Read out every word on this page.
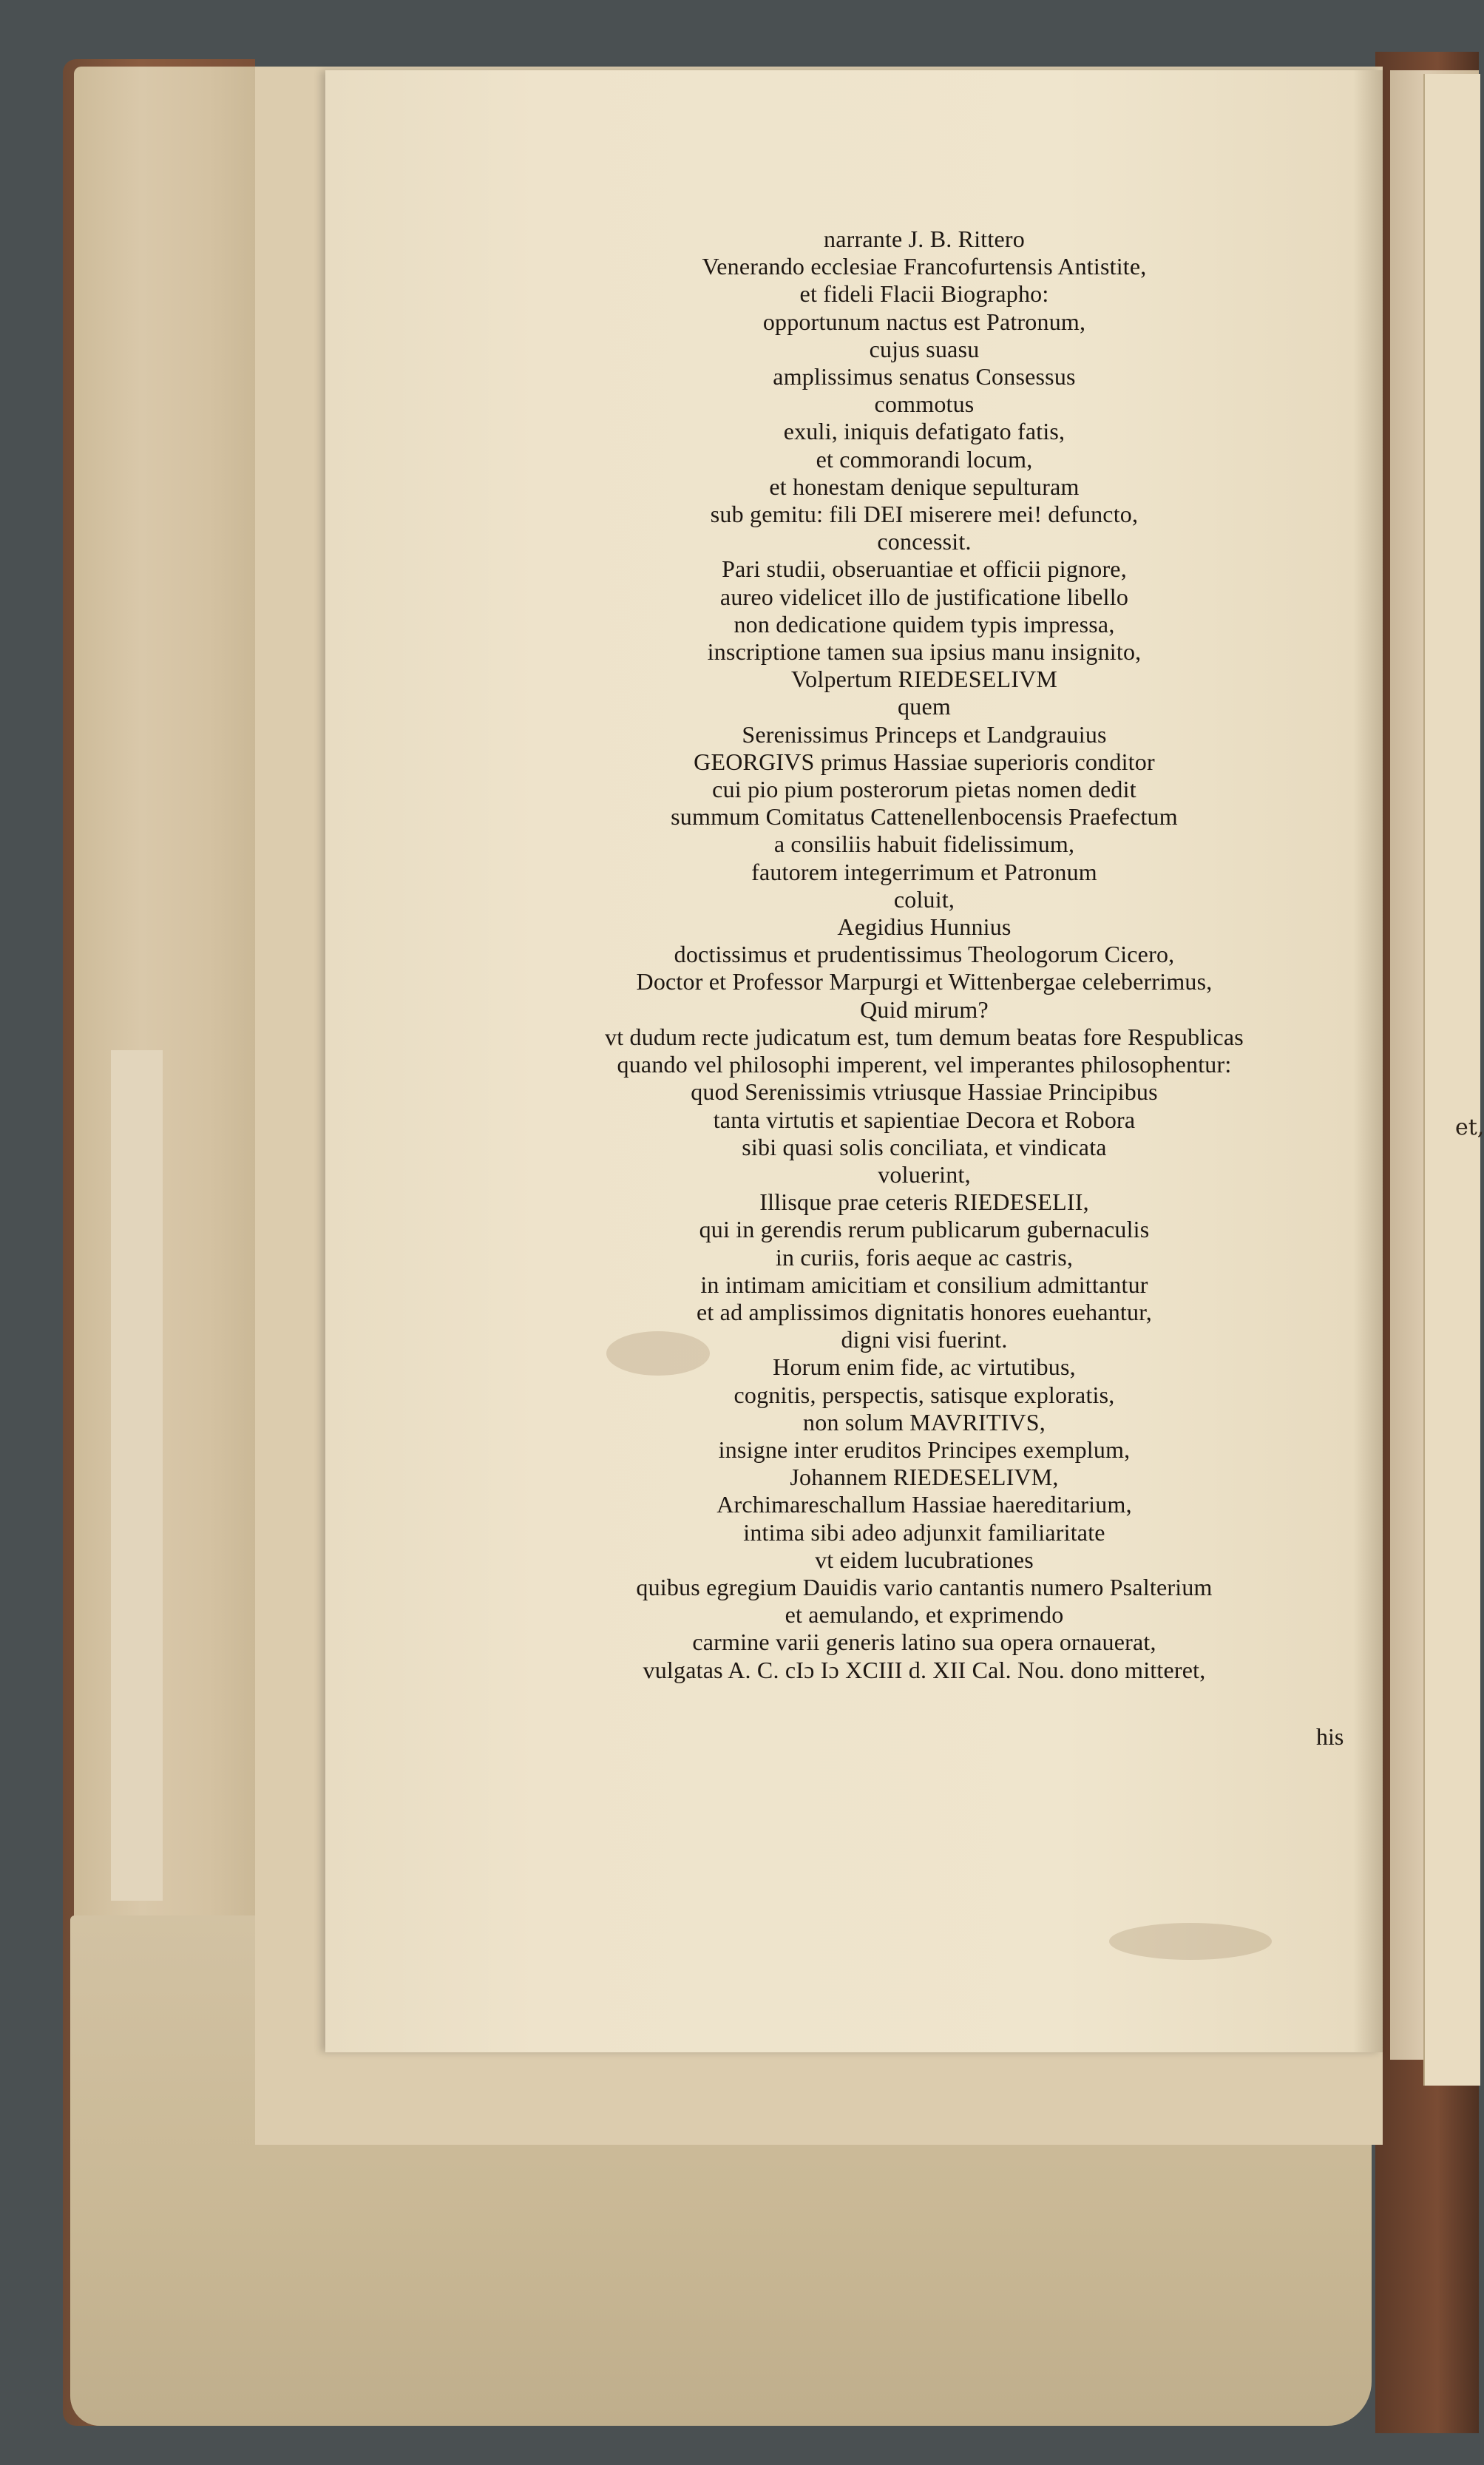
narrante J. B. Rittero
Venerando ecclesiae Francofurtensis Antistite,
et fideli Flacii Biographo:
opportunum nactus est Patronum,
cujus suasu
amplissimus senatus Consessus
commotus
exuli, iniquis defatigato fatis,
et commorandi locum,
et honestam denique sepulturam
sub gemitu: fili DEI miserere mei! defuncto,
concessit.
Pari studii, obseruantiae et officii pignore,
aureo videlicet illo de justificatione libello
non dedicatione quidem typis impressa,
inscriptione tamen sua ipsius manu insignito,
Volpertum RIEDESELIVM
quem
Serenissimus Princeps et Landgrauius
GEORGIVS primus Hassiae superioris conditor
cui pio pium posterorum pietas nomen dedit
summum Comitatus Cattenellenbocensis Praefectum
a consiliis habuit fidelissimum,
fautorem integerrimum et Patronum
coluit,
Aegidius Hunnius
doctissimus et prudentissimus Theologorum Cicero,
Doctor et Professor Marpurgi et Wittenbergae celeberrimus,
Quid mirum?
vt dudum recte judicatum est, tum demum beatas fore Respublicas
quando vel philosophi imperent, vel imperantes philosophentur:
quod Serenissimis vtriusque Hassiae Principibus
tanta virtutis et sapientiae Decora et Robora
sibi quasi solis conciliata, et vindicata
voluerint,
Illisque prae ceteris RIEDESELII,
qui in gerendis rerum publicarum gubernaculis
in curiis, foris aeque ac castris,
in intimam amicitiam et consilium admittantur
et ad amplissimos dignitatis honores euehantur,
digni visi fuerint.
Horum enim fide, ac virtutibus,
cognitis, perspectis, satisque exploratis,
non solum MAVRITIVS,
insigne inter eruditos Principes exemplum,
Johannem RIEDESELIVM,
Archimareschallum Hassiae haereditarium,
intima sibi adeo adjunxit familiaritate
vt eidem lucubrationes
quibus egregium Dauidis vario cantantis numero Psalterium
et aemulando, et exprimendo
carmine varii generis latino sua opera ornauerat,
vulgatas A. C. cIɔ Iɔ XCIII d. XII Cal. Nou. dono mitteret,
his
et,
